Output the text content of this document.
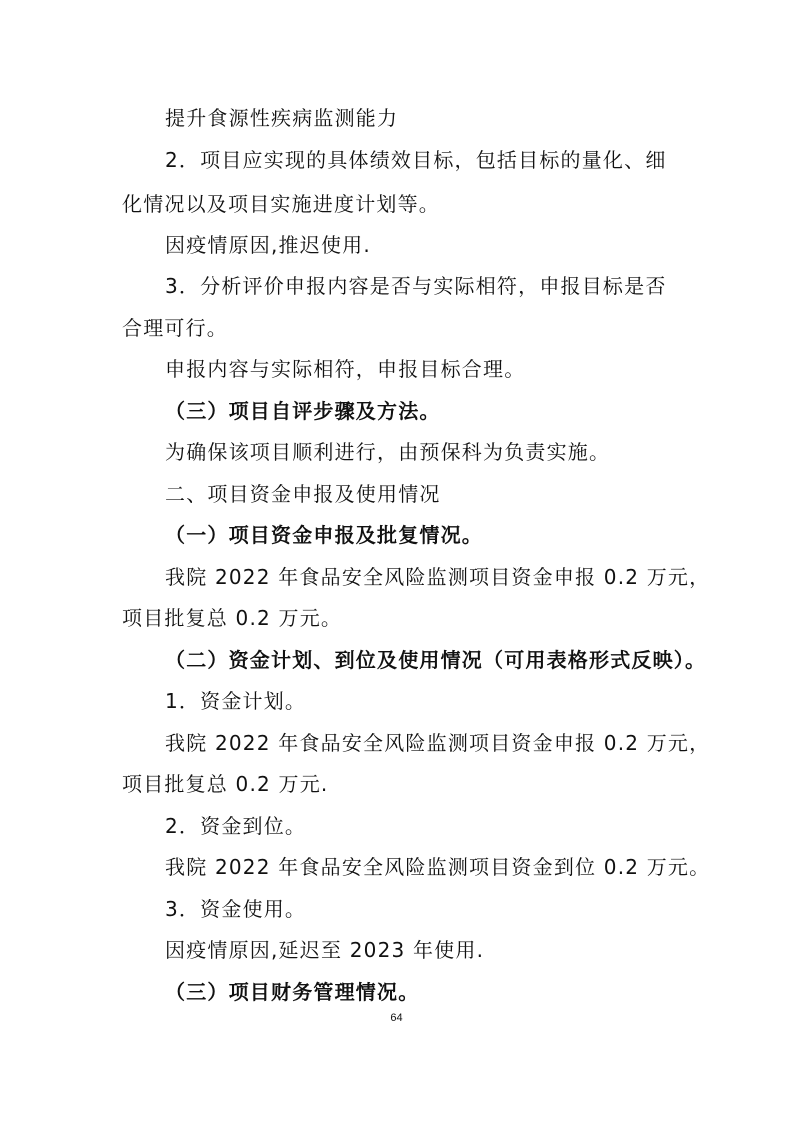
提升食源性疾病监测能力
2．项目应实现的具体绩效目标，包括目标的量化、细
化情况以及项目实施进度计划等。
因疫情原因,推迟使用.
3．分析评价申报内容是否与实际相符，申报目标是否
合理可行。
申报内容与实际相符，申报目标合理。
（三）项目自评步骤及方法。
为确保该项目顺利进行，由预保科为负责实施。
二、项目资金申报及使用情况
（一）项目资金申报及批复情况。
我院 2022 年食品安全风险监测项目资金申报 0.2 万元，
项目批复总 0.2 万元。
（二）资金计划、到位及使用情况（可用表格形式反映）。
1．资金计划。
我院 2022 年食品安全风险监测项目资金申报 0.2 万元，
项目批复总 0.2 万元.
2．资金到位。
我院 2022 年食品安全风险监测项目资金到位 0.2 万元。
3．资金使用。
因疫情原因,延迟至 2023 年使用.
（三）项目财务管理情况。
64
